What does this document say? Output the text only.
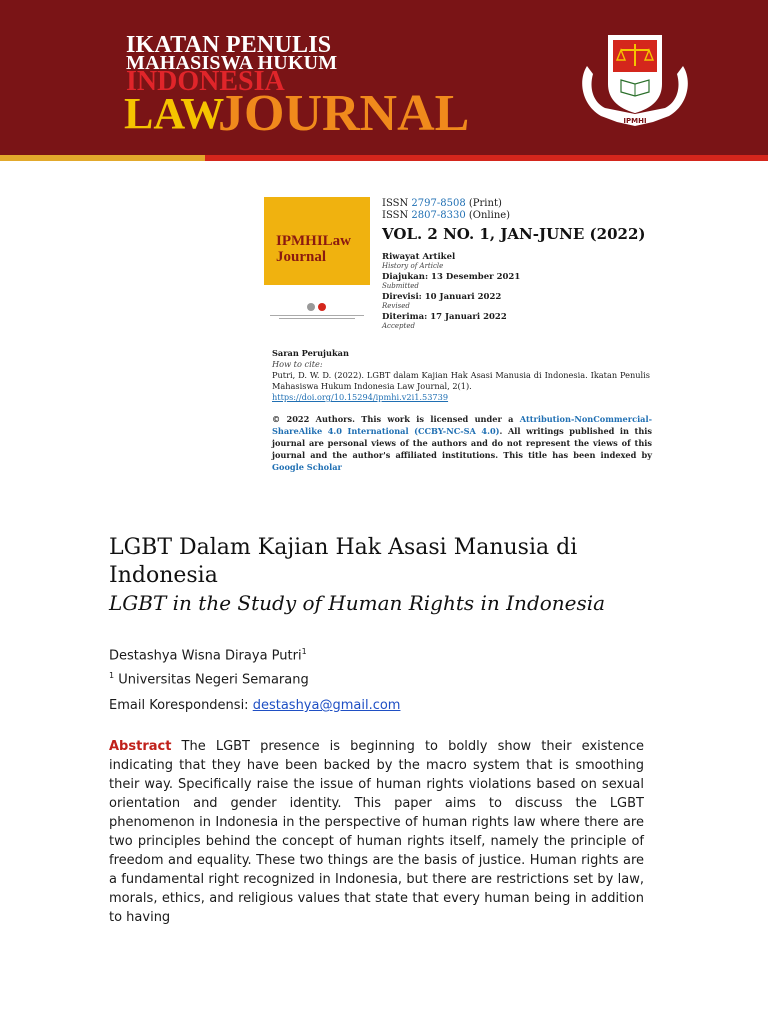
IKATAN PENULIS
MAHASISWA HUKUM
INDONESIA
LAW
JOURNAL	IPMHI
IPMHILaw
Journal
ISSN 2797-8508 (Print)
ISSN 2807-8330 (Online)
VOL. 2 NO. 1, JAN-JUNE (2022)
Riwayat Artikel
History of Article
Diajukan: 13 Desember 2021
Submitted
Direvisi: 10 Januari 2022
Revised
Diterima: 17 Januari 2022
Accepted
Saran Perujukan
How to cite:
Putri, D. W. D. (2022). LGBT dalam Kajian Hak Asasi Manusia di Indonesia. Ikatan Penulis Mahasiswa Hukum Indonesia Law Journal, 2(1).
https://doi.org/10.15294/ipmhi.v2i1.53739
© 2022 Authors. This work is licensed under a Attribution-NonCommercial-ShareAlike 4.0 International (CCBY-NC-SA 4.0). All writings published in this journal are personal views of the authors and do not represent the views of this journal and the author's affiliated institutions. This title has been indexed by Google Scholar
LGBT Dalam Kajian Hak Asasi Manusia di Indonesia
LGBT in the Study of Human Rights in Indonesia
Destashya Wisna Diraya Putri$^1$
$^1$ Universitas Negeri Semarang
Email Korespondensi: destashya@gmail.com
Abstract The LGBT presence is beginning to boldly show their existence indicating that they have been backed by the macro system that is smoothing their way. Specifically raise the issue of human rights violations based on sexual orientation and gender identity. This paper aims to discuss the LGBT phenomenon in Indonesia in the perspective of human rights law where there are two principles behind the concept of human rights itself, namely the principle of freedom and equality. These two things are the basis of justice. Human rights are a fundamental right recognized in Indonesia, but there are restrictions set by law, morals, ethics, and religious values that state that every human being in addition to having
